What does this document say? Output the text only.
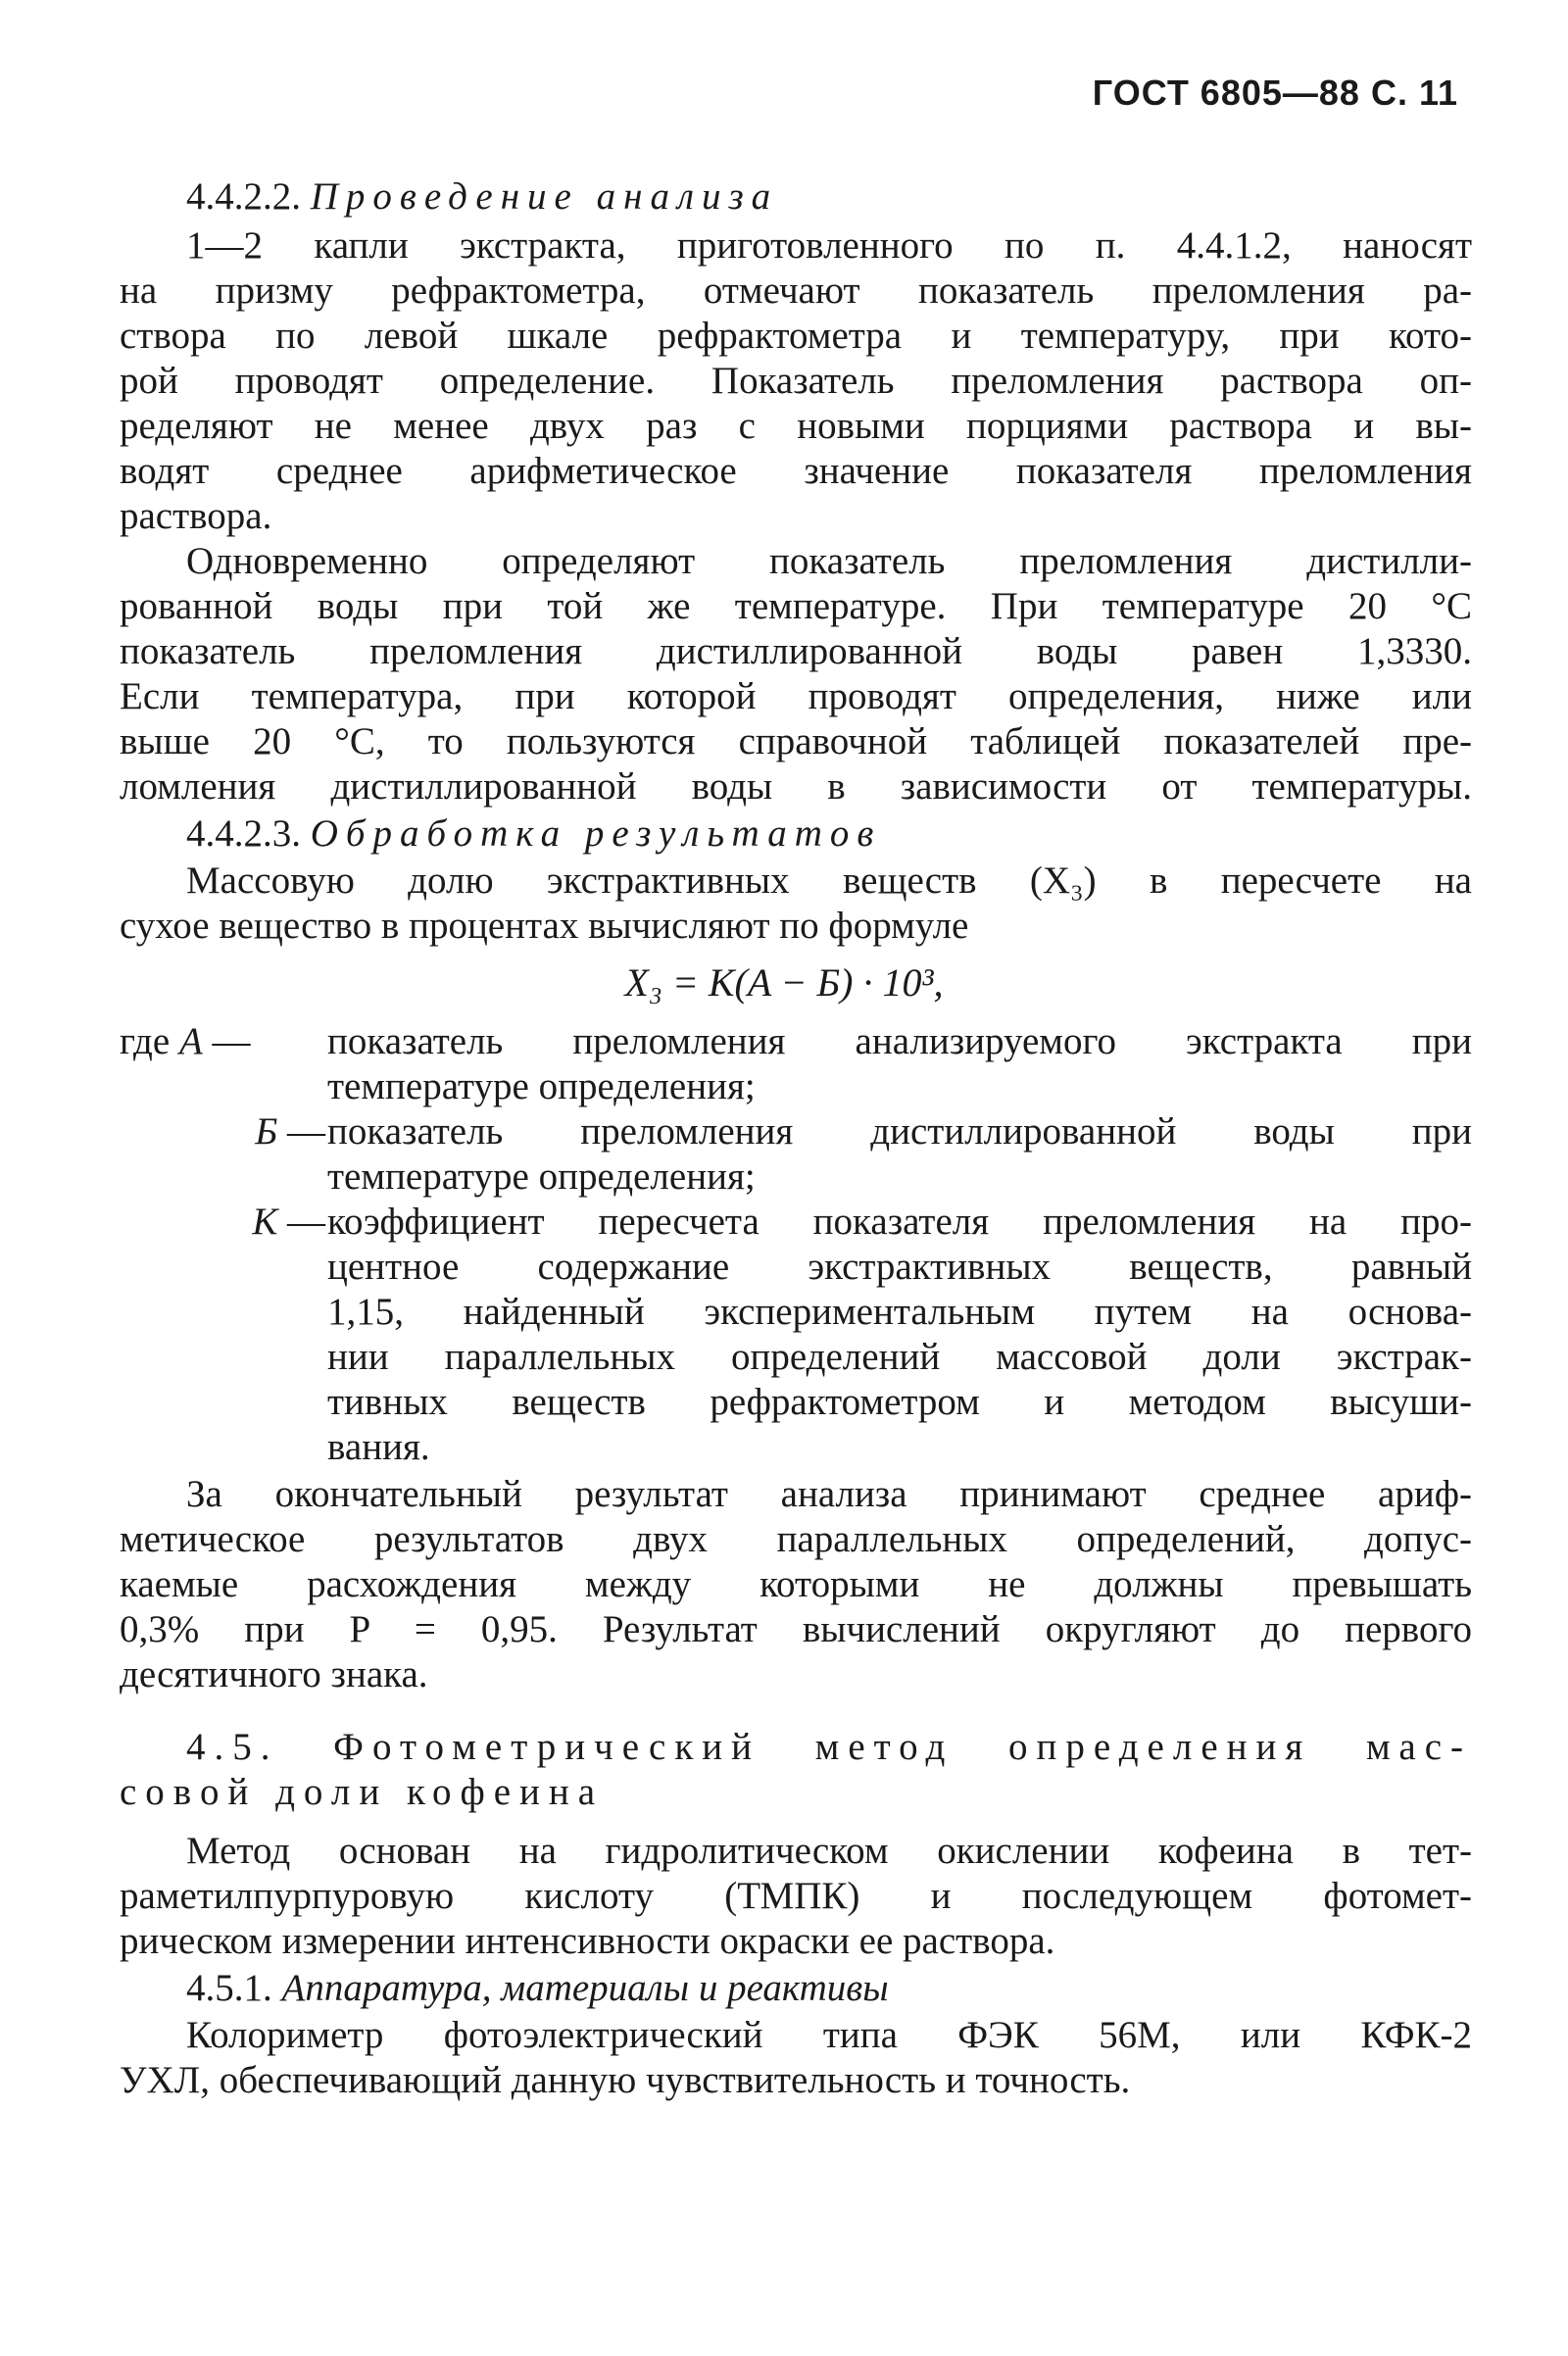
ГОСТ 6805—88 С. 11
4.4.2.2. Проведение анализа
1—2 капли экстракта, приготовленного по п. 4.4.1.2, наносят
на призму рефрактометра, отмечают показатель преломления ра-
створа по левой шкале рефрактометра и температуру, при кото-
рой проводят определение. Показатель преломления раствора оп-
ределяют не менее двух раз с новыми порциями раствора и вы-
водят среднее арифметическое значение показателя преломления
раствора.
Одновременно определяют показатель преломления дистилли-
рованной воды при той же температуре. При температуре 20 °С
показатель преломления дистиллированной воды равен 1,3330.
Если температура, при которой проводят определения, ниже или
выше 20 °С, то пользуются справочной таблицей показателей пре-
ломления дистиллированной воды в зависимости от температуры.
4.4.2.3. Обработка результатов
Массовую долю экстрактивных веществ (X₃) в пересчете на
сухое вещество в процентах вычисляют по формуле
X₃ = K(A − Б) · 10³,
где A —	показатель преломления анализируемого экстракта при
температуре определения;
Б — показатель преломления дистиллированной воды при
температуре определения;
К — коэффициент пересчета показателя преломления на про-
центное содержание экстрактивных веществ, равный
1,15, найденный экспериментальным путем на основа-
нии параллельных определений массовой доли экстрак-
тивных веществ рефрактометром и методом высуши-
вания.
За окончательный результат анализа принимают среднее ариф-
метическое результатов двух параллельных определений, допус-
каемые расхождения между которыми не должны превышать
0,3% при P = 0,95. Результат вычислений округляют до первого
десятичного знака.
4.5. Фотометрический метод определения мас-
совой доли кофеина
Метод основан на гидролитическом окислении кофеина в тет-
раметилпурпуровую кислоту (ТМПК) и последующем фотомет-
рическом измерении интенсивности окраски ее раствора.
4.5.1. Аппаратура, материалы и реактивы
Колориметр фотоэлектрический типа ФЭК 56М, или КФК-2
УХЛ, обеспечивающий данную чувствительность и точность.
